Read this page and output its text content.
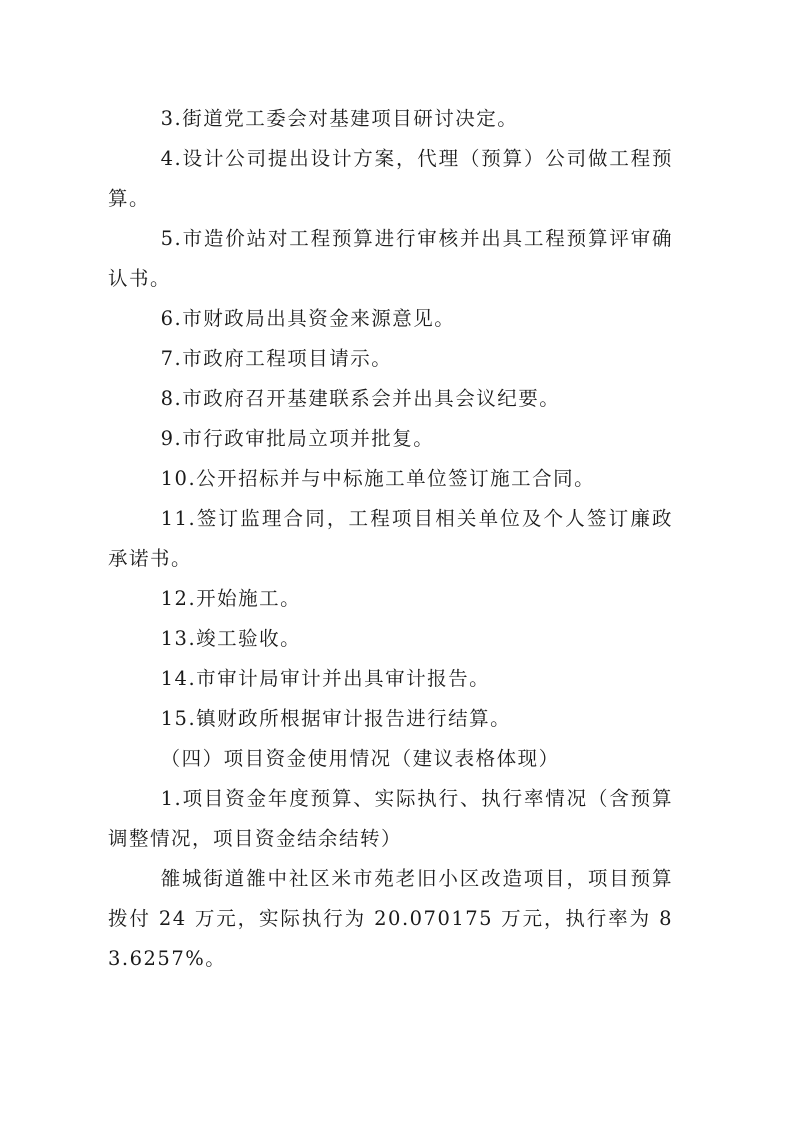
3.街道党工委会对基建项目研讨决定。

4.设计公司提出设计方案，代理（预算）公司做工程预算。

5.市造价站对工程预算进行审核并出具工程预算评审确认书。

6.市财政局出具资金来源意见。

7.市政府工程项目请示。

8.市政府召开基建联系会并出具会议纪要。

9.市行政审批局立项并批复。

10.公开招标并与中标施工单位签订施工合同。

11.签订监理合同，工程项目相关单位及个人签订廉政承诺书。

12.开始施工。

13.竣工验收。

14.市审计局审计并出具审计报告。

15.镇财政所根据审计报告进行结算。

（四）项目资金使用情况（建议表格体现）

1.项目资金年度预算、实际执行、执行率情况（含预算调整情况，项目资金结余结转）

雒城街道雒中社区米市苑老旧小区改造项目，项目预算拨付 24 万元，实际执行为 20.070175 万元，执行率为 83.6257%。
